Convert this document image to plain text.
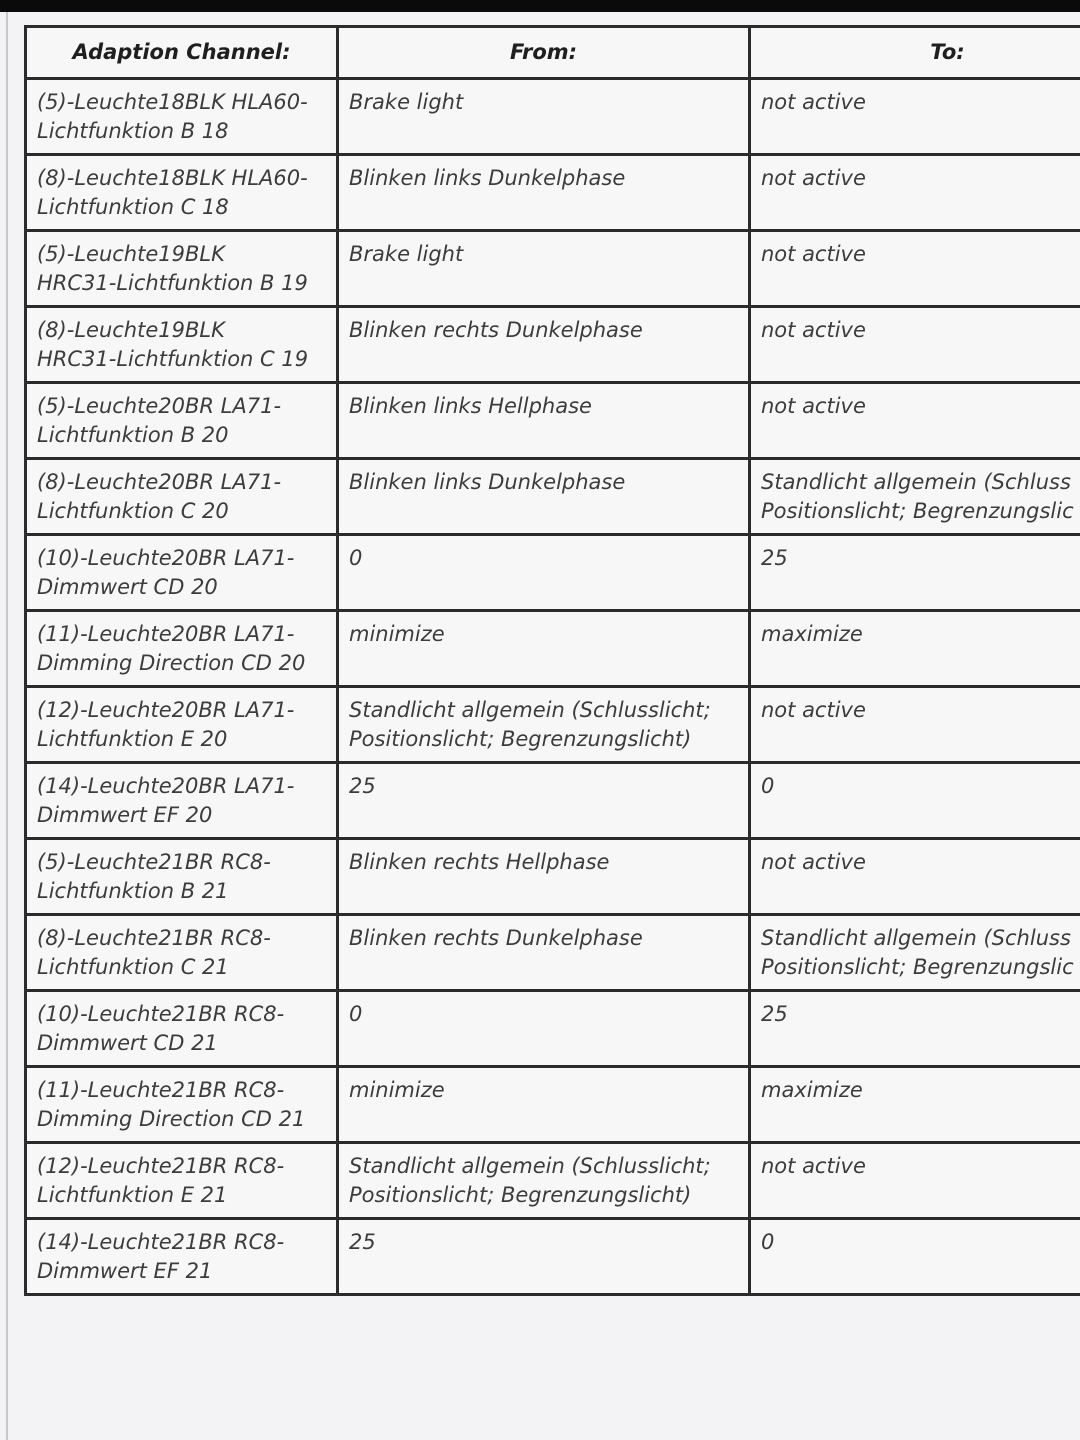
Adaption Channel:	From:	To:

(5)-Leuchte18BLK HLA60-
Lichtfunktion B 18	Brake light	not active

(8)-Leuchte18BLK HLA60-
Lichtfunktion C 18	Blinken links Dunkelphase	not active

(5)-Leuchte19BLK
HRC31-Lichtfunktion B 19	Brake light	not active

(8)-Leuchte19BLK
HRC31-Lichtfunktion C 19	Blinken rechts Dunkelphase	not active

(5)-Leuchte20BR LA71-
Lichtfunktion B 20	Blinken links Hellphase	not active

(8)-Leuchte20BR LA71-
Lichtfunktion C 20	Blinken links Dunkelphase	Standlicht allgemein (Schluss
Positionslicht; Begrenzungslic

(10)-Leuchte20BR LA71-
Dimmwert CD 20	0	25

(11)-Leuchte20BR LA71-
Dimming Direction CD 20	minimize	maximize

(12)-Leuchte20BR LA71-
Lichtfunktion E 20	Standlicht allgemein (Schlusslicht;
Positionslicht; Begrenzungslicht)	not active

(14)-Leuchte20BR LA71-
Dimmwert EF 20	25	0

(5)-Leuchte21BR RC8-
Lichtfunktion B 21	Blinken rechts Hellphase	not active

(8)-Leuchte21BR RC8-
Lichtfunktion C 21	Blinken rechts Dunkelphase	Standlicht allgemein (Schluss
Positionslicht; Begrenzungslic

(10)-Leuchte21BR RC8-
Dimmwert CD 21	0	25

(11)-Leuchte21BR RC8-
Dimming Direction CD 21	minimize	maximize

(12)-Leuchte21BR RC8-
Lichtfunktion E 21	Standlicht allgemein (Schlusslicht;
Positionslicht; Begrenzungslicht)	not active

(14)-Leuchte21BR RC8-
Dimmwert EF 21	25	0
